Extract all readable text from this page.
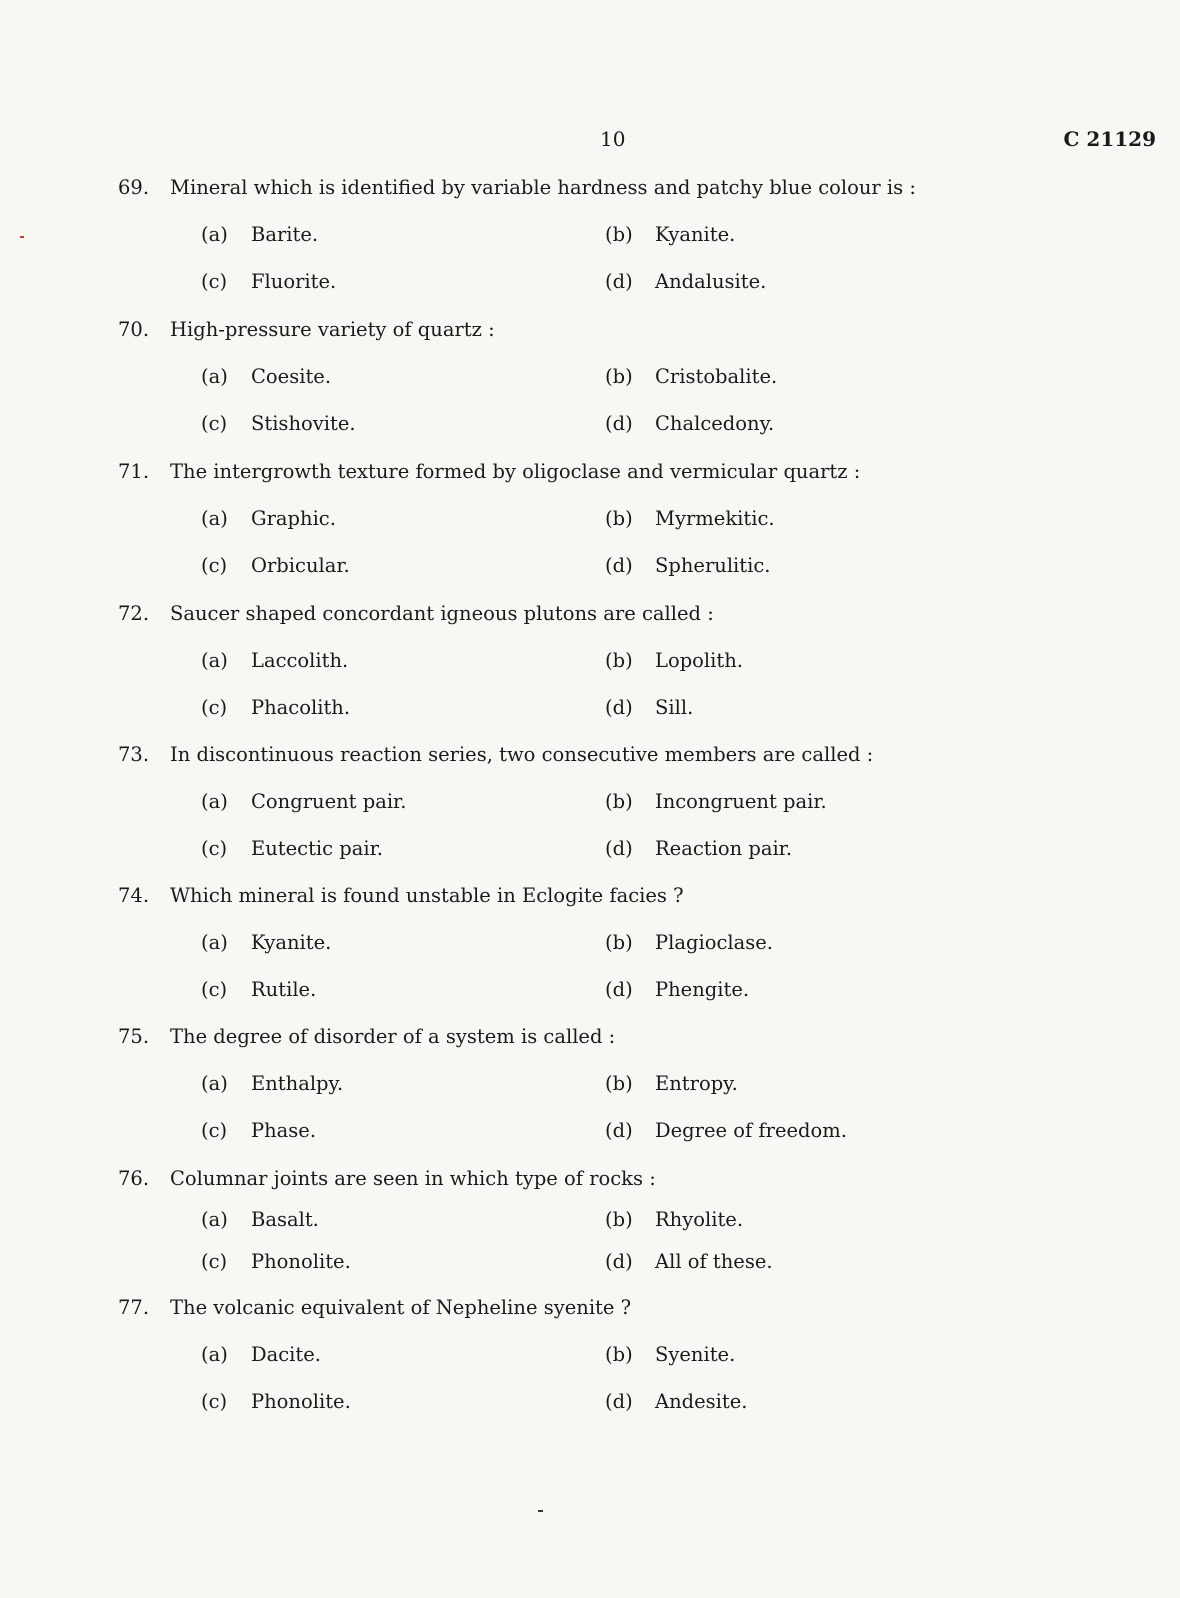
10	C 21129
69. Mineral which is identified by variable hardness and patchy blue colour is :
(a) Barite.	(b) Kyanite.
(c) Fluorite.	(d) Andalusite.
70. High-pressure variety of quartz :
(a) Coesite.	(b) Cristobalite.
(c) Stishovite.	(d) Chalcedony.
71. The intergrowth texture formed by oligoclase and vermicular quartz :
(a) Graphic.	(b) Myrmekitic.
(c) Orbicular.	(d) Spherulitic.
72. Saucer shaped concordant igneous plutons are called :
(a) Laccolith.	(b) Lopolith.
(c) Phacolith.	(d) Sill.
73. In discontinuous reaction series, two consecutive members are called :
(a) Congruent pair.	(b) Incongruent pair.
(c) Eutectic pair.	(d) Reaction pair.
74. Which mineral is found unstable in Eclogite facies ?
(a) Kyanite.	(b) Plagioclase.
(c) Rutile.	(d) Phengite.
75. The degree of disorder of a system is called :
(a) Enthalpy.	(b) Entropy.
(c) Phase.	(d) Degree of freedom.
76. Columnar joints are seen in which type of rocks :
(a) Basalt.	(b) Rhyolite.
(c) Phonolite.	(d) All of these.
77. The volcanic equivalent of Nepheline syenite ?
(a) Dacite.	(b) Syenite.
(c) Phonolite.	(d) Andesite.
